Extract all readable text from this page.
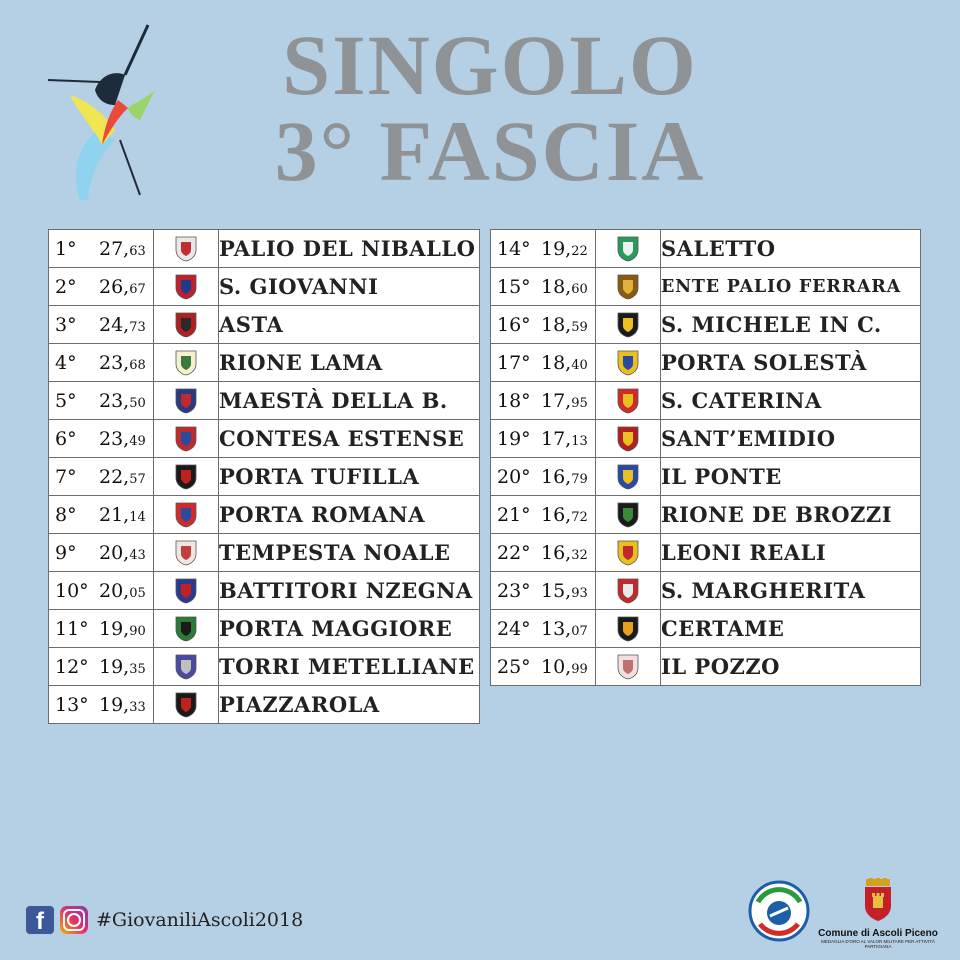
SINGOLO
3° FASCIA
1° 27,63		PALIO DEL NIBALLO
2° 26,67		S. GIOVANNI
3° 24,73		ASTA
4° 23,68		RIONE LAMA
5° 23,50		MAESTÀ DELLA B.
6° 23,49		CONTESA ESTENSE
7° 22,57		PORTA TUFILLA
8° 21,14		PORTA ROMANA
9° 20,43		TEMPESTA NOALE
10° 20,05		BATTITORI NZEGNA
11° 19,90		PORTA MAGGIORE
12° 19,35		TORRI METELLIANE
13° 19,33		PIAZZAROLA
14° 19,22		SALETTO
15° 18,60		ENTE PALIO FERRARA
16° 18,59		S. MICHELE IN C.
17° 18,40		PORTA SOLESTÀ
18° 17,95		S. CATERINA
19° 17,13		SANT’EMIDIO
20° 16,79		IL PONTE
21° 16,72		RIONE DE BROZZI
22° 16,32		LEONI REALI
23° 15,93		S. MARGHERITA
24° 13,07		CERTAME
25° 10,99		IL POZZO
f	#GiovaniliAscoli2018
Comune di Ascoli Piceno
MEDAGLIA D'ORO AL VALOR MILITARE PER ATTIVITÀ PARTIGIANA
